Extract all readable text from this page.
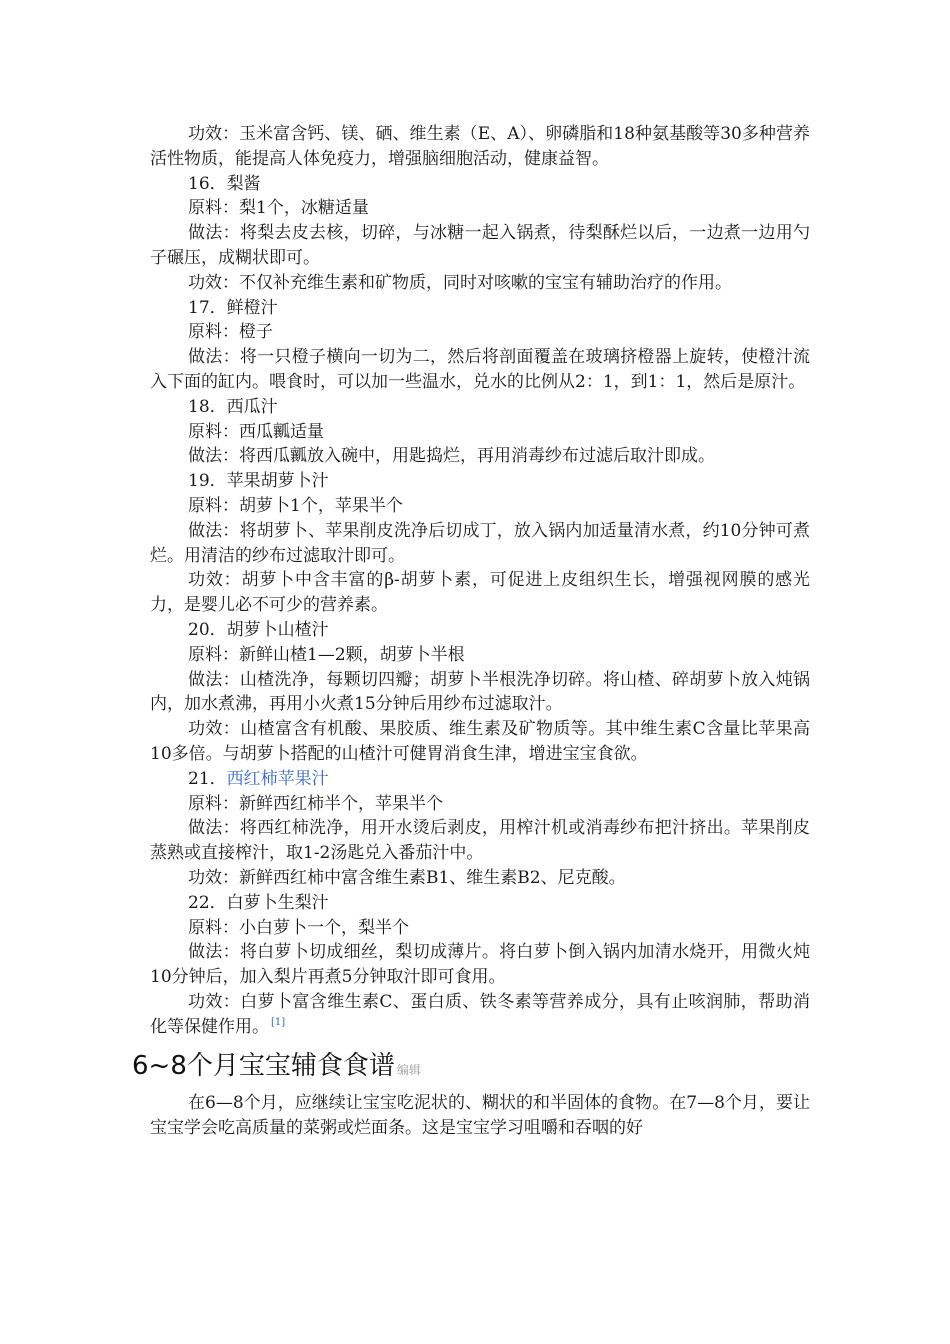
功效：玉米富含钙、镁、硒、维生素（E、A）、卵磷脂和18种氨基酸等30多种营养活性物质，能提高人体免疫力，增强脑细胞活动，健康益智。

16．梨酱

原料：梨1个，冰糖适量

做法：将梨去皮去核，切碎，与冰糖一起入锅煮，待梨酥烂以后，一边煮一边用勺子碾压，成糊状即可。

功效：不仅补充维生素和矿物质，同时对咳嗽的宝宝有辅助治疗的作用。

17．鲜橙汁

原料：橙子

做法：将一只橙子横向一切为二，然后将剖面覆盖在玻璃挤橙器上旋转，使橙汁流入下面的缸内。喂食时，可以加一些温水，兑水的比例从2：1，到1：1，然后是原汁。

18．西瓜汁

原料：西瓜瓤适量

做法：将西瓜瓤放入碗中，用匙捣烂，再用消毒纱布过滤后取汁即成。

19．苹果胡萝卜汁

原料：胡萝卜1个，苹果半个

做法：将胡萝卜、苹果削皮洗净后切成丁，放入锅内加适量清水煮，约10分钟可煮烂。用清洁的纱布过滤取汁即可。

功效：胡萝卜中含丰富的β-胡萝卜素，可促进上皮组织生长，增强视网膜的感光力，是婴儿必不可少的营养素。

20．胡萝卜山楂汁

原料：新鲜山楂1—2颗，胡萝卜半根

做法：山楂洗净，每颗切四瓣；胡萝卜半根洗净切碎。将山楂、碎胡萝卜放入炖锅内，加水煮沸，再用小火煮15分钟后用纱布过滤取汁。

功效：山楂富含有机酸、果胶质、维生素及矿物质等。其中维生素C含量比苹果高10多倍。与胡萝卜搭配的山楂汁可健胃消食生津，增进宝宝食欲。

21．西红柿苹果汁

原料：新鲜西红柿半个，苹果半个

做法：将西红柿洗净，用开水烫后剥皮，用榨汁机或消毒纱布把汁挤出。苹果削皮蒸熟或直接榨汁，取1-2汤匙兑入番茄汁中。

功效：新鲜西红柿中富含维生素B1、维生素B2、尼克酸。

22．白萝卜生梨汁

原料：小白萝卜一个，梨半个

做法：将白萝卜切成细丝，梨切成薄片。将白萝卜倒入锅内加清水烧开，用微火炖10分钟后，加入梨片再煮5分钟取汁即可食用。

功效：白萝卜富含维生素C、蛋白质、铁冬素等营养成分，具有止咳润肺，帮助消化等保健作用。 [1]

6~8个月宝宝辅食食谱 编辑

在6—8个月，应继续让宝宝吃泥状的、糊状的和半固体的食物。在7—8个月，要让宝宝学会吃高质量的菜粥或烂面条。这是宝宝学习咀嚼和吞咽的好
